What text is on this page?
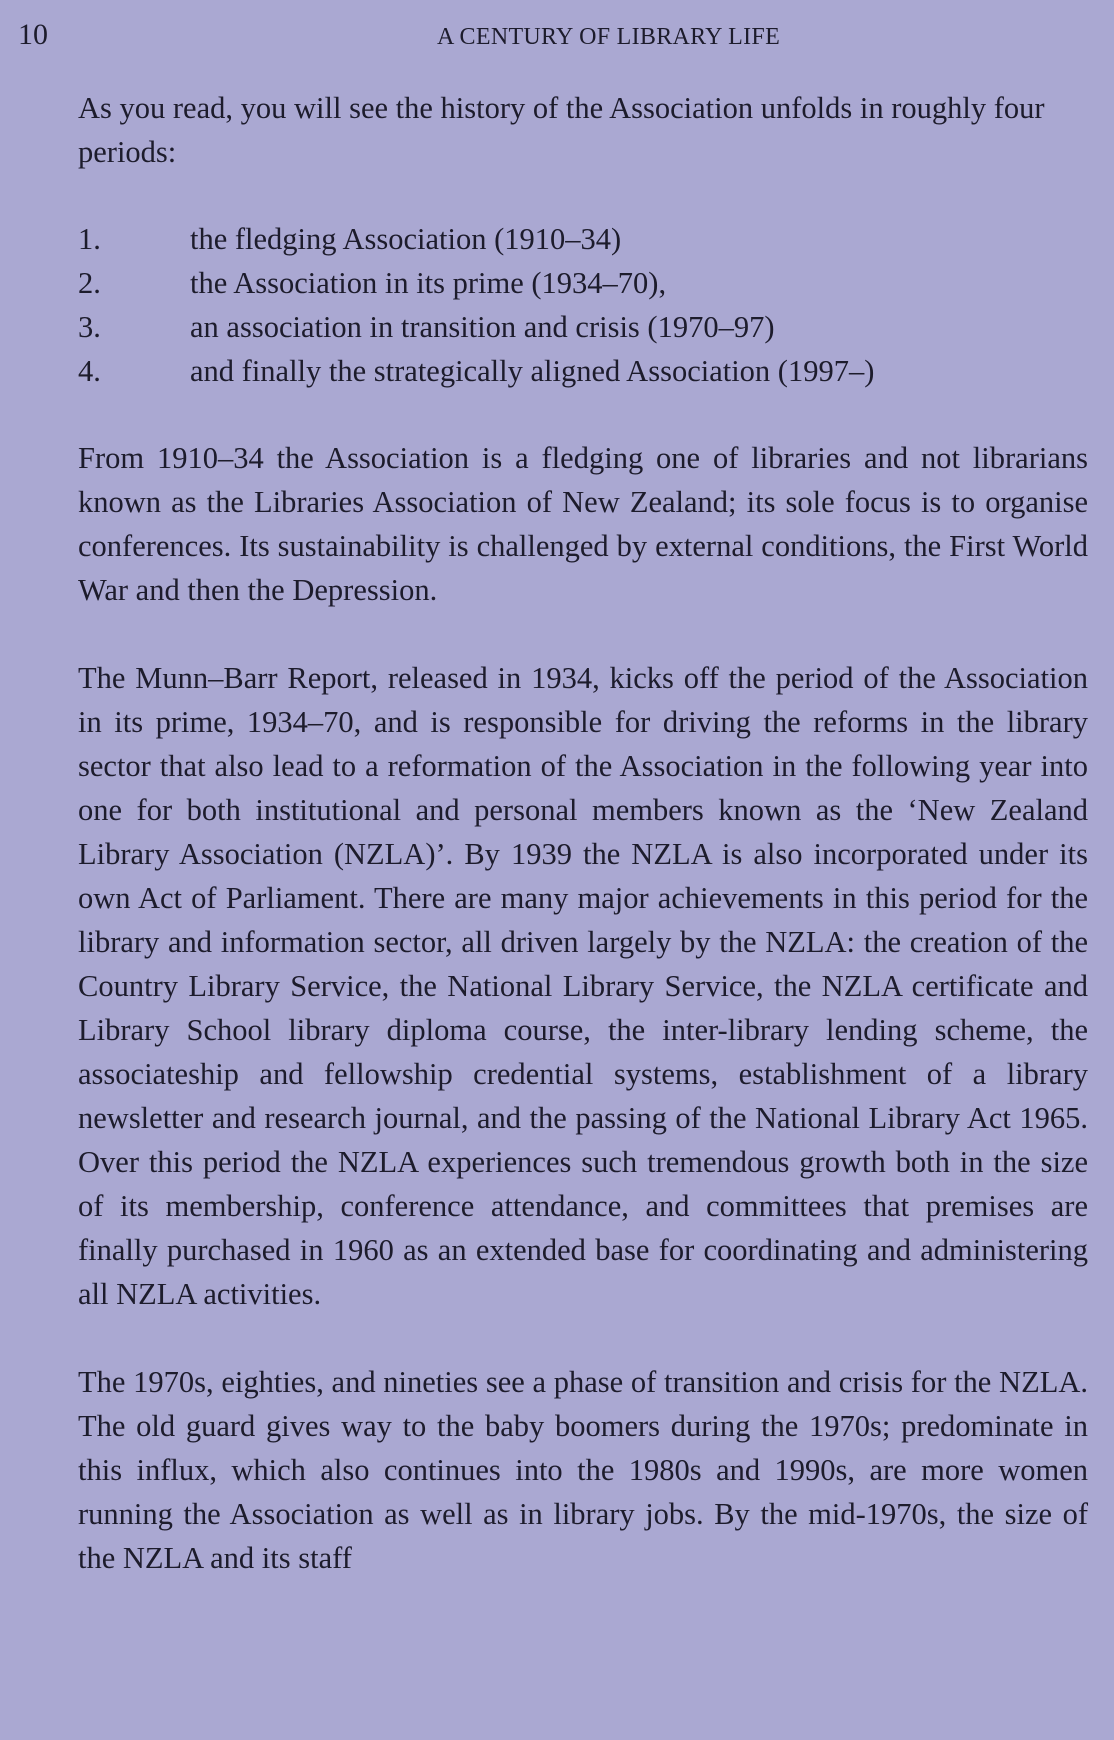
10	A CENTURY OF LIBRARY LIFE

As you read, you will see the history of the Association unfolds in roughly four periods:

1.	the fledging Association (1910–34)
2.	the Association in its prime (1934–70),
3.	an association in transition and crisis (1970–97)
4.	and finally the strategically aligned Association (1997–)

From 1910–34 the Association is a fledging one of libraries and not librarians known as the Libraries Association of New Zealand; its sole focus is to organise conferences. Its sustainability is challenged by external conditions, the First World War and then the Depression.

The Munn–Barr Report, released in 1934, kicks off the period of the Association in its prime, 1934–70, and is responsible for driving the reforms in the library sector that also lead to a reformation of the Association in the following year into one for both institutional and personal members known as the ‘New Zealand Library Association (NZLA)’. By 1939 the NZLA is also incorporated under its own Act of Parliament. There are many major achievements in this period for the library and information sector, all driven largely by the NZLA: the creation of the Country Library Service, the National Library Service, the NZLA certificate and Library School library diploma course, the inter-library lending scheme, the associateship and fellowship credential systems, establishment of a library newsletter and research journal, and the passing of the National Library Act 1965. Over this period the NZLA experiences such tremendous growth both in the size of its membership, conference attendance, and committees that premises are finally purchased in 1960 as an extended base for coordinating and administering all NZLA activities.

The 1970s, eighties, and nineties see a phase of transition and crisis for the NZLA. The old guard gives way to the baby boomers during the 1970s; predominate in this influx, which also continues into the 1980s and 1990s, are more women running the Association as well as in library jobs. By the mid-1970s, the size of the NZLA and its staff
